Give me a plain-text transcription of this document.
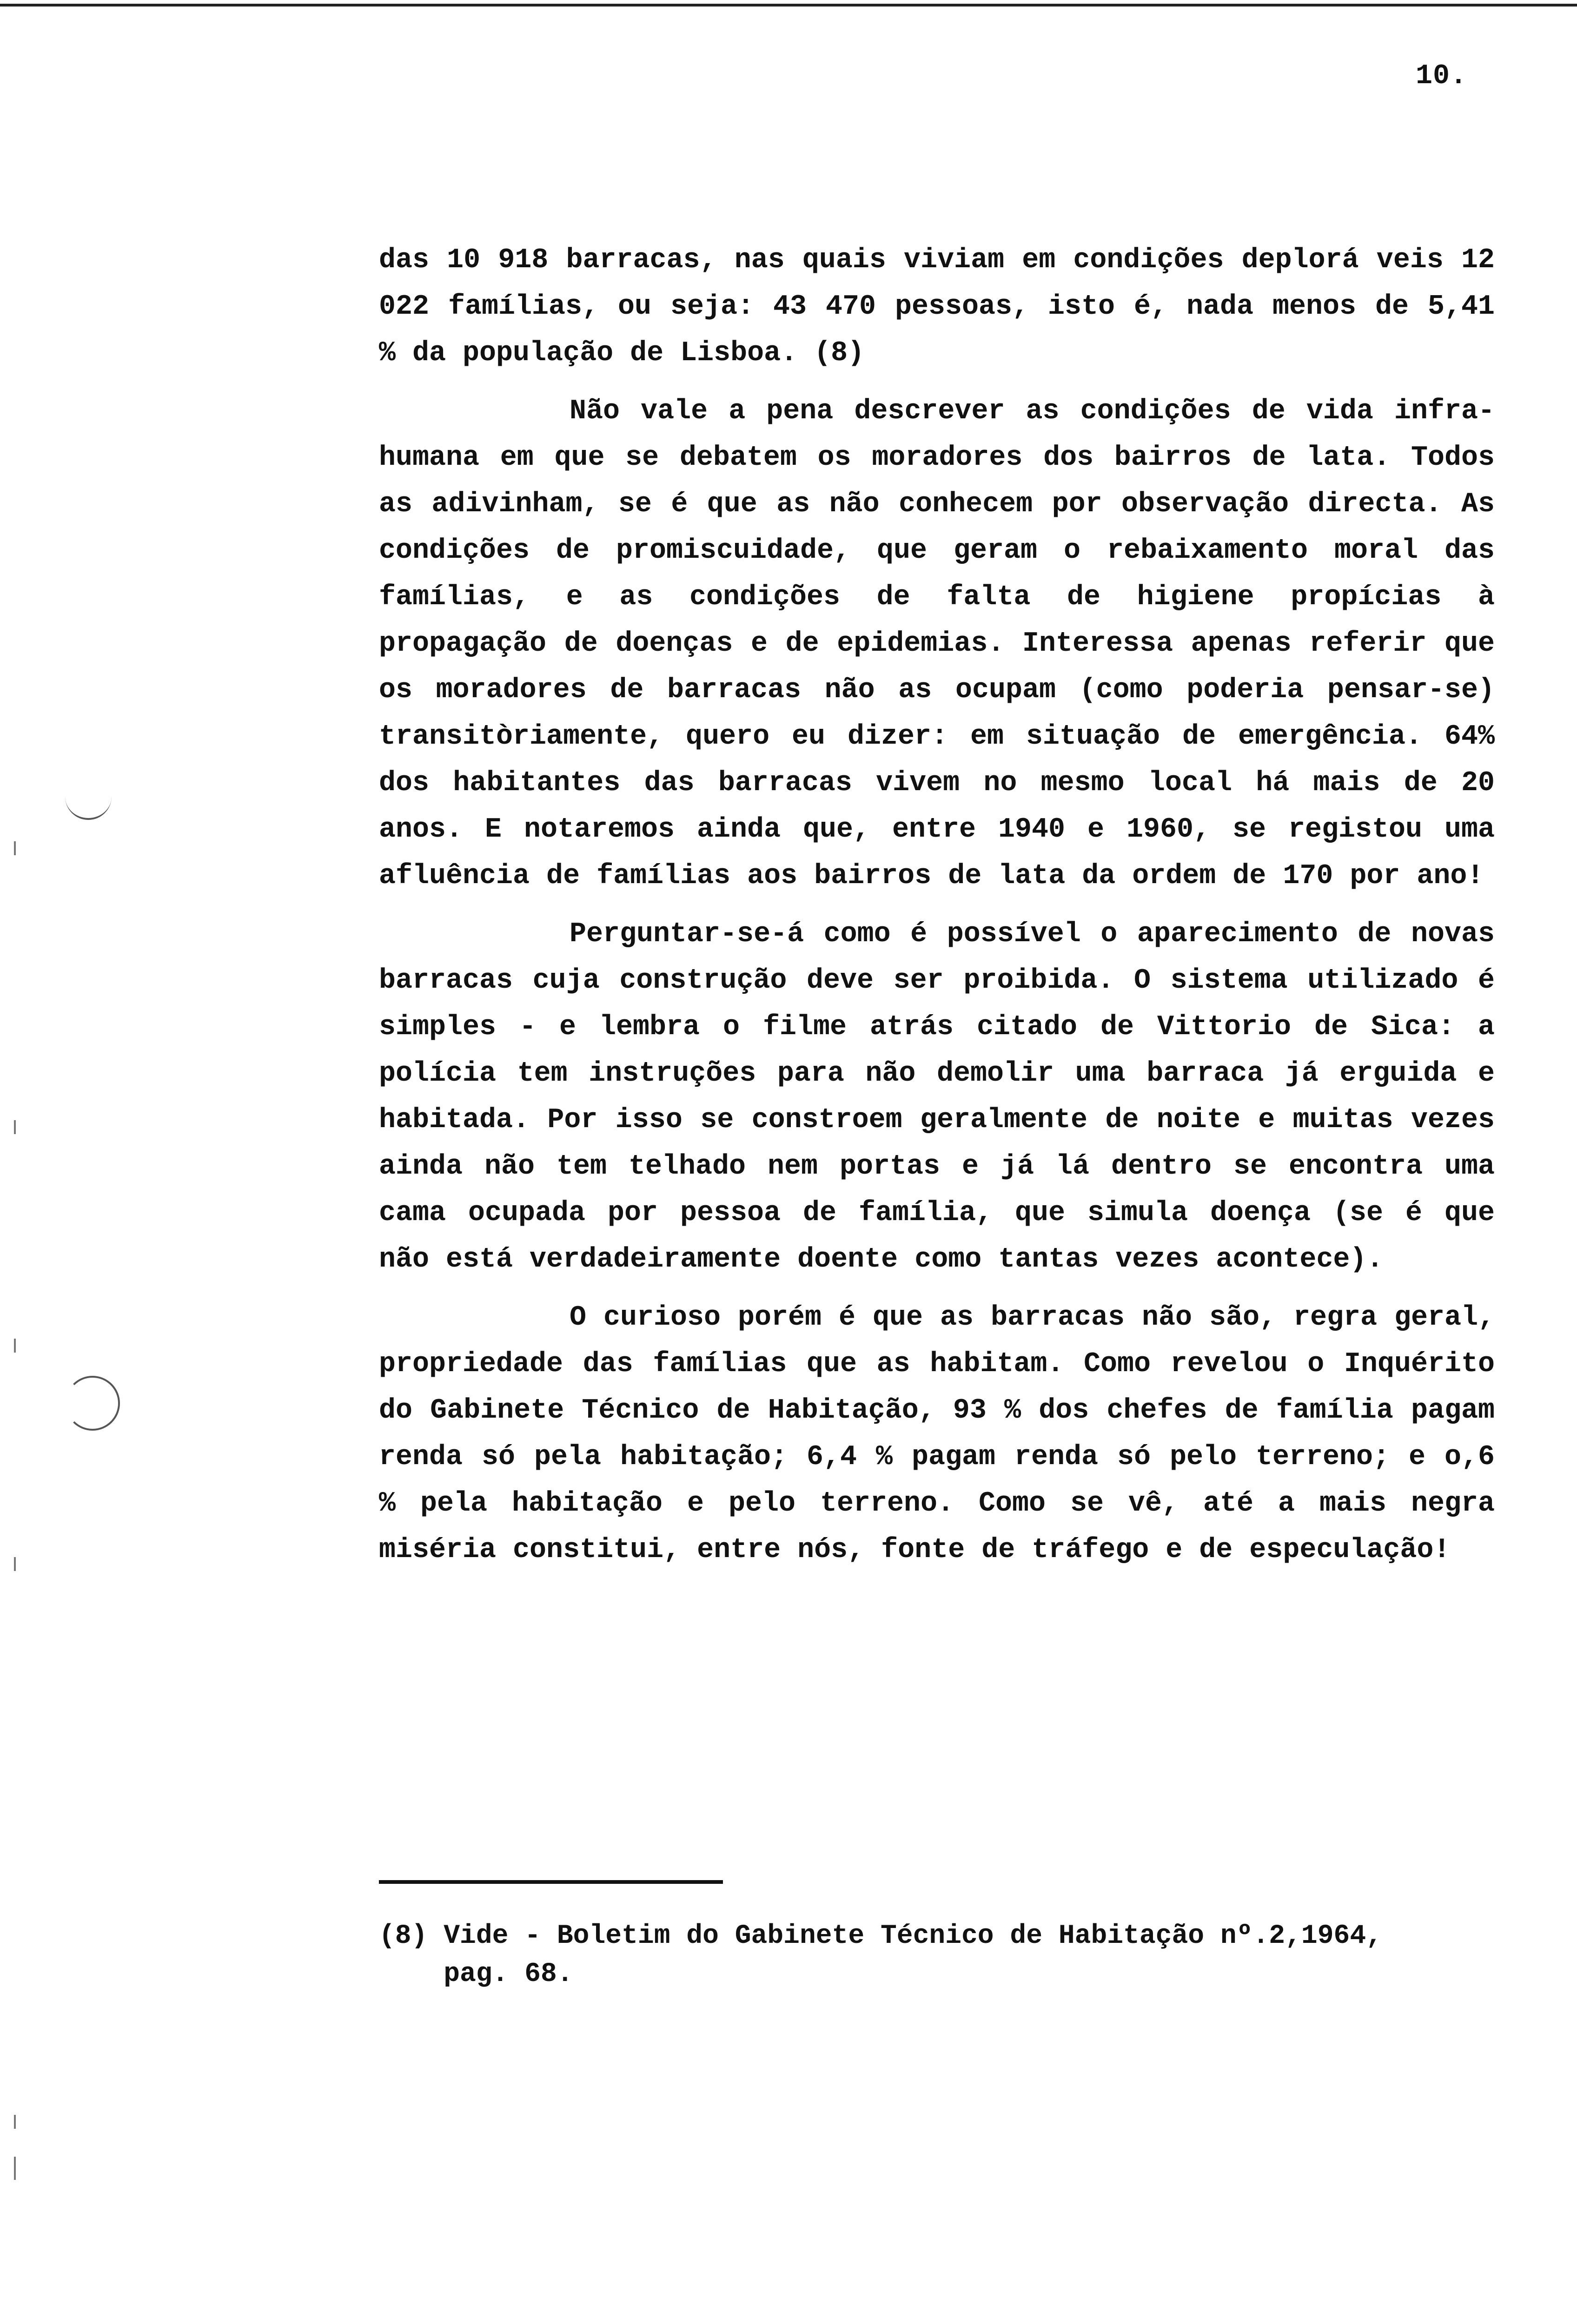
10.

das 10 918 barracas, nas quais viviam em condições deplorá veis 12 022 famílias, ou seja: 43 470 pessoas, isto é, nada menos de 5,41 % da população de Lisboa. (8)

Não vale a pena descrever as condições de vida infra-humana em que se debatem os moradores dos bairros de lata. Todos as adivinham, se é que as não conhecem por observação directa. As condições de promiscuidade, que geram o rebaixamento moral das famílias, e as condições de falta de higiene propícias à propagação de doenças e de epidemias. Interessa apenas referir que os moradores de barracas não as ocupam (como poderia pensar-se) transitòriamente, quero eu dizer: em situação de emergência. 64% dos habitantes das barracas vivem no mesmo local há mais de 20 anos. E notaremos ainda que, entre 1940 e 1960, se registou uma afluência de famílias aos bairros de lata da ordem de 170 por ano!

Perguntar-se-á como é possível o aparecimento de novas barracas cuja construção deve ser proibida. O sistema utilizado é simples - e lembra o filme atrás citado de Vittorio de Sica: a polícia tem instruções para não demolir uma barraca já erguida e habitada. Por isso se constroem geralmente de noite e muitas vezes ainda não tem telhado nem portas e já lá dentro se encontra uma cama ocupada por pessoa de família, que simula doença (se é que não está verdadeiramente doente como tantas vezes acontece).

O curioso porém é que as barracas não são, regra geral, propriedade das famílias que as habitam. Como revelou o Inquérito do Gabinete Técnico de Habitação, 93 % dos chefes de família pagam renda só pela habitação; 6,4 % pagam renda só pelo terreno; e o,6 % pela habitação e pelo terreno. Como se vê, até a mais negra miséria constitui, entre nós, fonte de tráfego e de especulação!

(8) Vide - Boletim do Gabinete Técnico de Habitação nº.2,1964,
pag. 68.
